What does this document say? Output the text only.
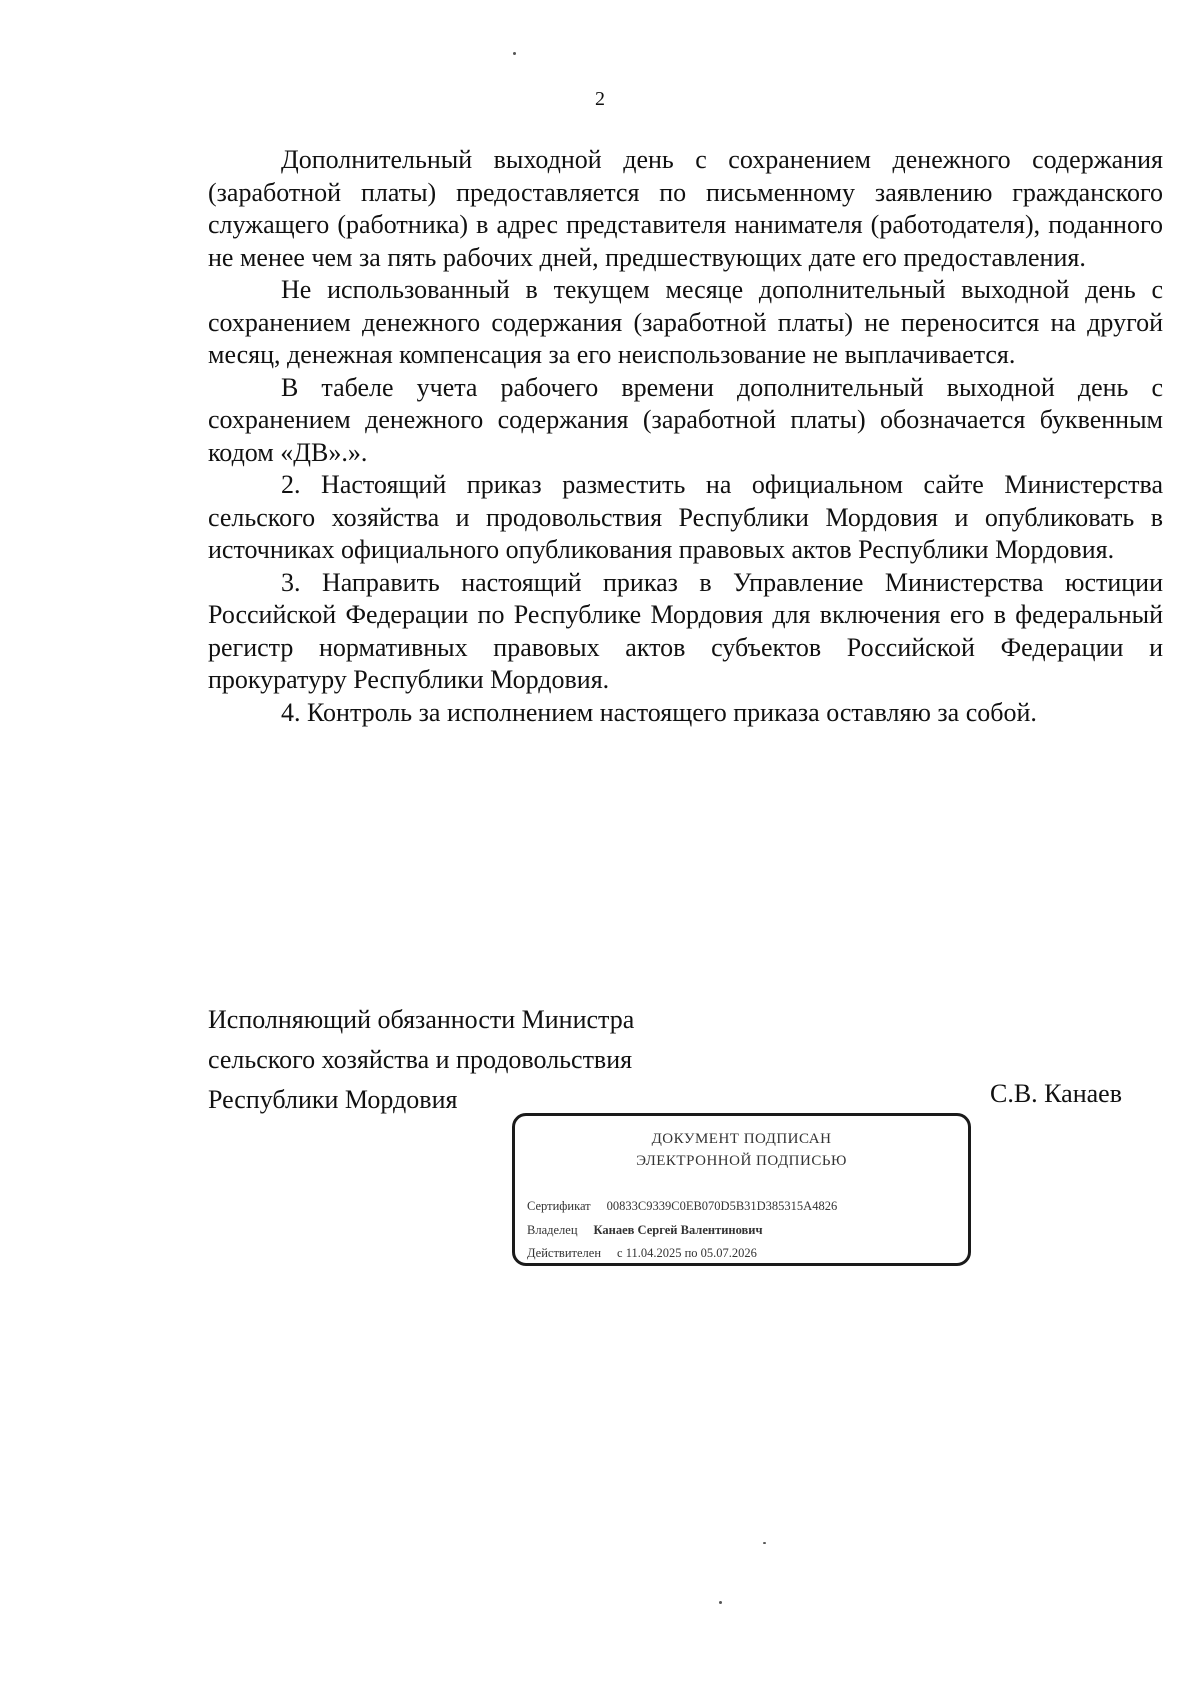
2

Дополнительный выходной день с сохранением денежного содержания (заработной платы) предоставляется по письменному заявлению гражданского служащего (работника) в адрес представителя нанимателя (работодателя), поданного не менее чем за пять рабочих дней, предшествующих дате его предоставления.

Не использованный в текущем месяце дополнительный выходной день с сохранением денежного содержания (заработной платы) не переносится на другой месяц, денежная компенсация за его неиспользование не выплачивается.

В табеле учета рабочего времени дополнительный выходной день с сохранением денежного содержания (заработной платы) обозначается буквенным кодом «ДВ».».

2. Настоящий приказ разместить на официальном сайте Министерства сельского хозяйства и продовольствия Республики Мордовия и опубликовать в источниках официального опубликования правовых актов Республики Мордовия.

3. Направить настоящий приказ в Управление Министерства юстиции Российской Федерации по Республике Мордовия для включения его в федеральный регистр нормативных правовых актов субъектов Российской Федерации и прокуратуру Республики Мордовия.

4. Контроль за исполнением настоящего приказа оставляю за собой.

Исполняющий обязанности Министра
сельского хозяйства и продовольствия
Республики Мордовия	С.В. Канаев
ДОКУМЕНТ ПОДПИСАН
ЭЛЕКТРОННОЙ ПОДПИСЬЮ
Сертификат 00833C9339C0EB070D5B31D385315A4826
Владелец Канаев Сергей Валентинович
Действителен с 11.04.2025 по 05.07.2026
